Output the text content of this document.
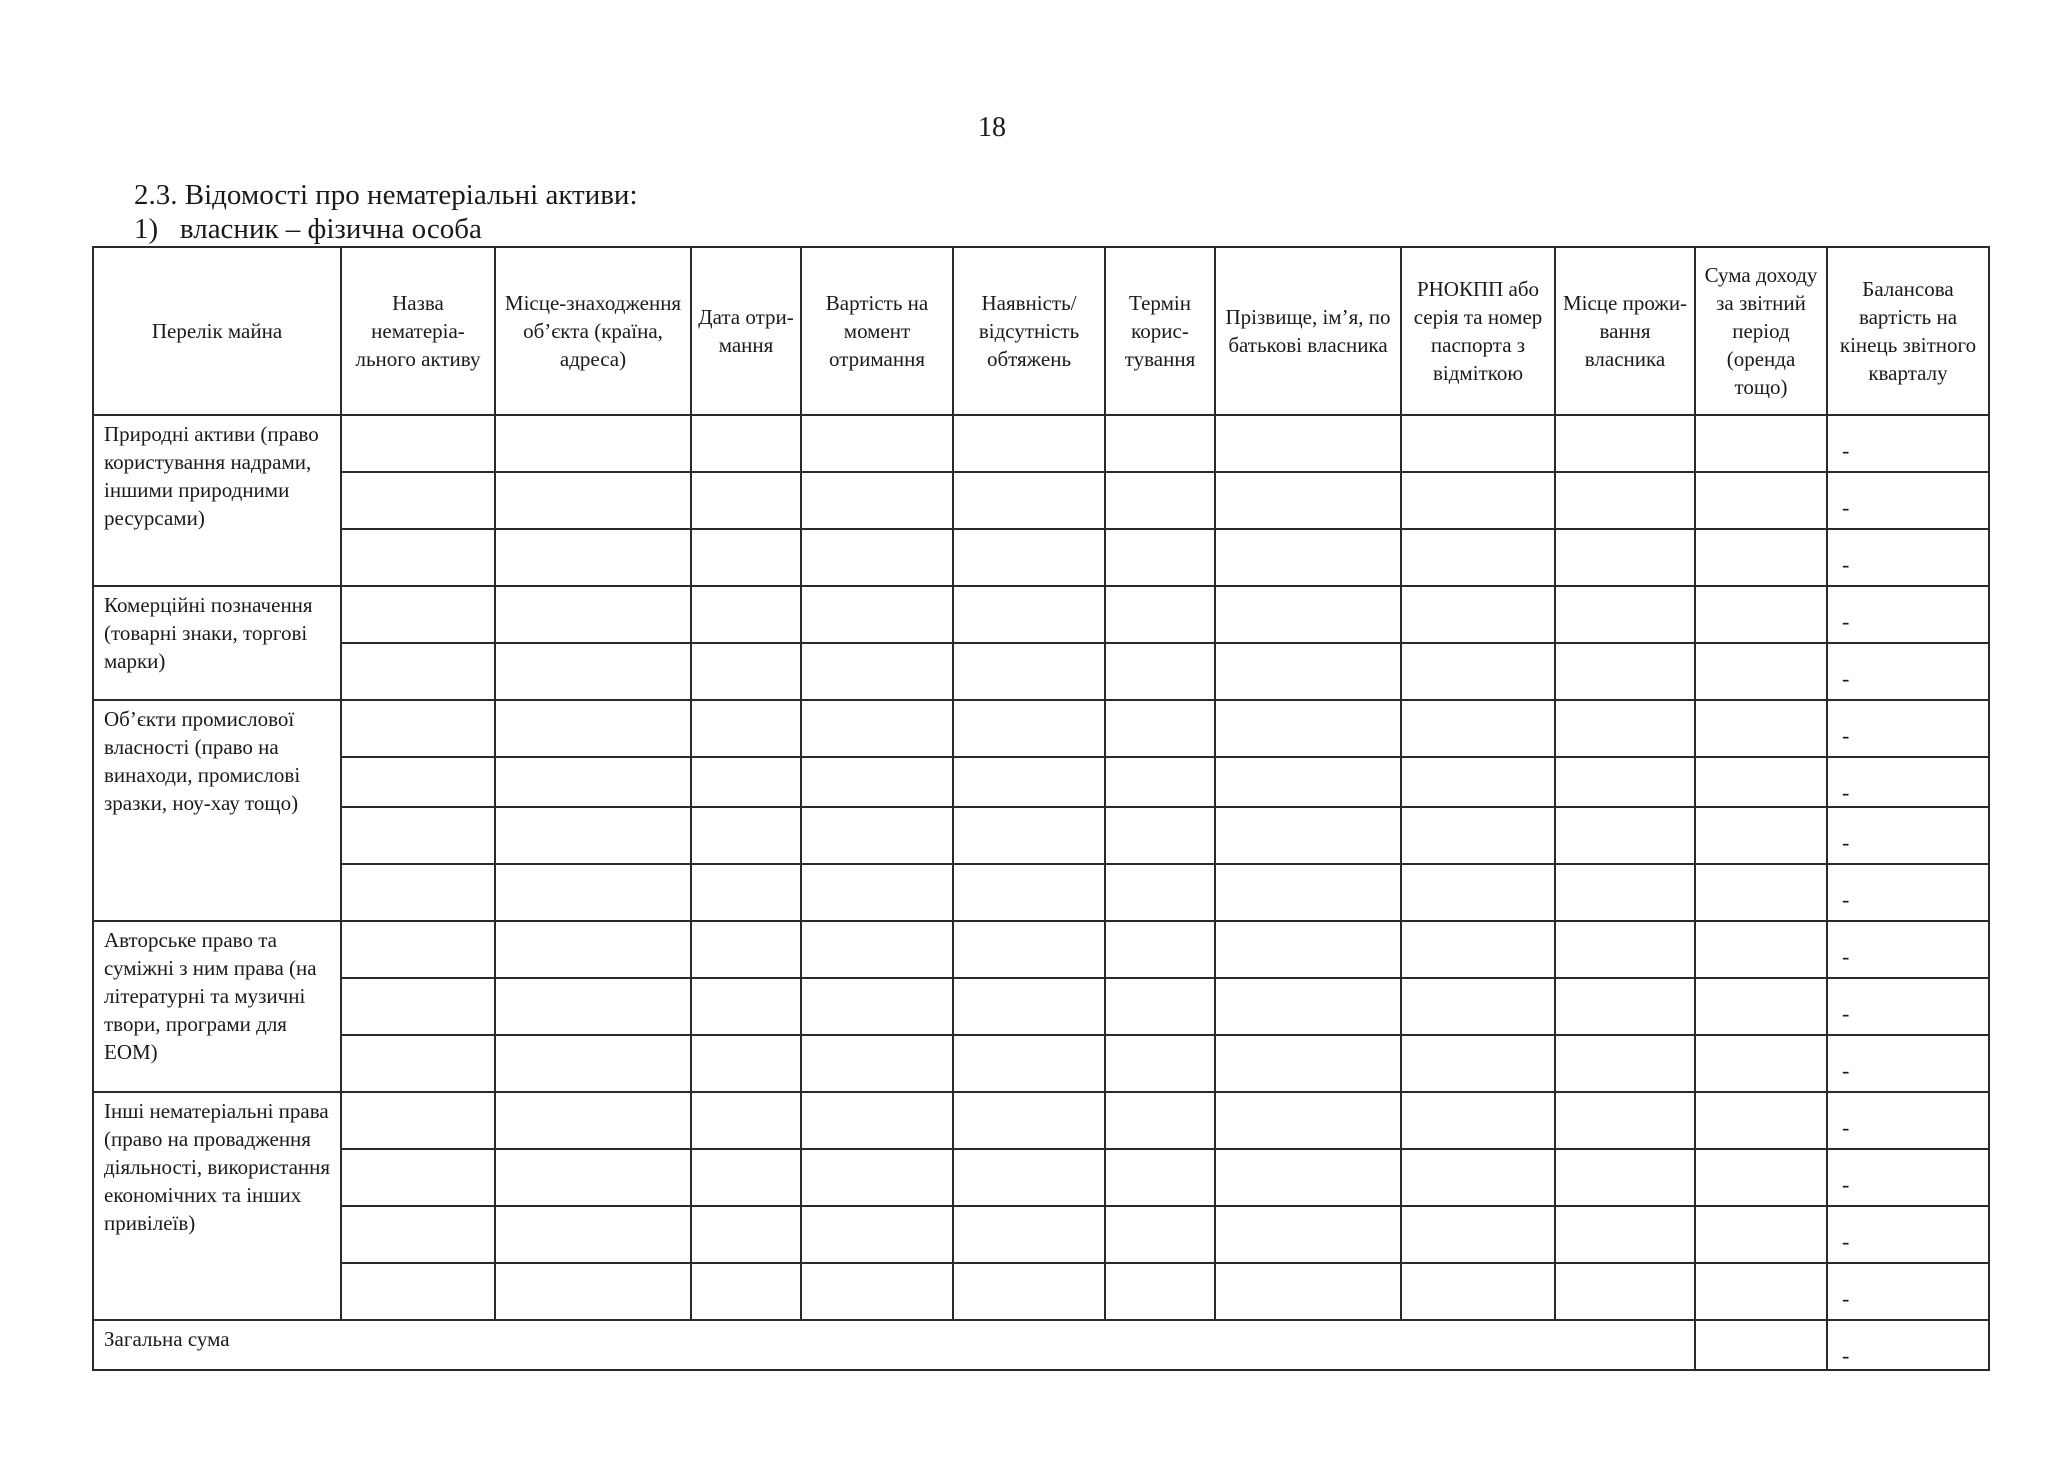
18
2.3. Відомості про нематеріальні активи:
1)   власник – фізична особа
Перелік майна	Назва нематеріа-льного активу	Місце-знаходження об’єкта (країна, адреса)	Дата отри-мання	Вартість на момент отримання	Наявність/ відсутність обтяжень	Термін корис-тування	Прізвище, ім’я, по батькові власника	РНОКПП або серія та номер паспорта з відміткою	Місце прожи-вання власника	Сума доходу за звітний період (оренда тощо)	Балансова вартість на кінець звітного кварталу
Природні активи (право користування надрами, іншими природними ресурсами)											-
											-
											-
Комерційні позначення (товарні знаки, торгові марки)											-
											-
Об’єкти промислової власності (право на винаходи, промислові зразки, ноу-хау тощо)											-
											-
											-
											-
Авторське право та суміжні з ним права (на літературні та музичні твори, програми для ЕОМ)											-
											-
											-
Інші нематеріальні права (право на провадження діяльності, використання економічних та інших привілеїв)											-
											-
											-
											-
Загальна сума											-
